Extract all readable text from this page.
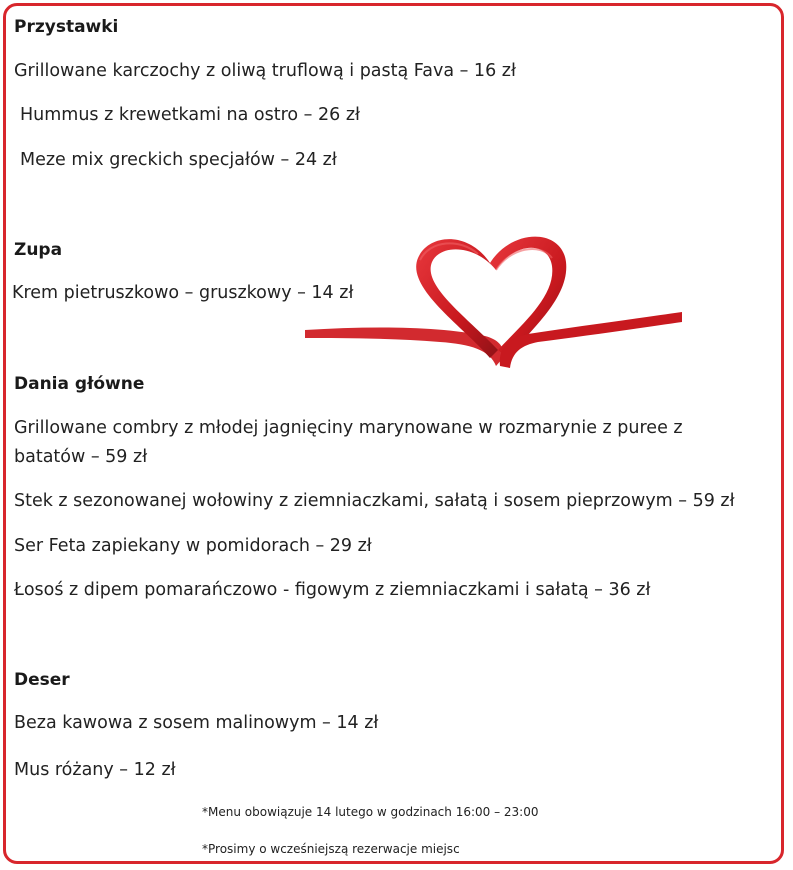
Przystawki
Grillowane karczochy z oliwą truflową i pastą Fava – 16 zł
Hummus z krewetkami na ostro – 26 zł
Meze mix greckich specjałów – 24 zł
Zupa
Krem pietruszkowo – gruszkowy – 14 zł
Dania główne
Grillowane combry z młodej jagnięciny marynowane w rozmarynie z puree z batatów – 59 zł
Stek z sezonowanej wołowiny z ziemniaczkami, sałatą i sosem pieprzowym – 59 zł
Ser Feta zapiekany w pomidorach – 29 zł
Łosoś z dipem pomarańczowo - figowym z ziemniaczkami i sałatą – 36 zł
Deser
Beza kawowa z sosem malinowym – 14 zł
Mus różany – 12 zł
*Menu obowiązuje 14 lutego w godzinach 16:00 – 23:00
*Prosimy o wcześniejszą rezerwacje miejsc
